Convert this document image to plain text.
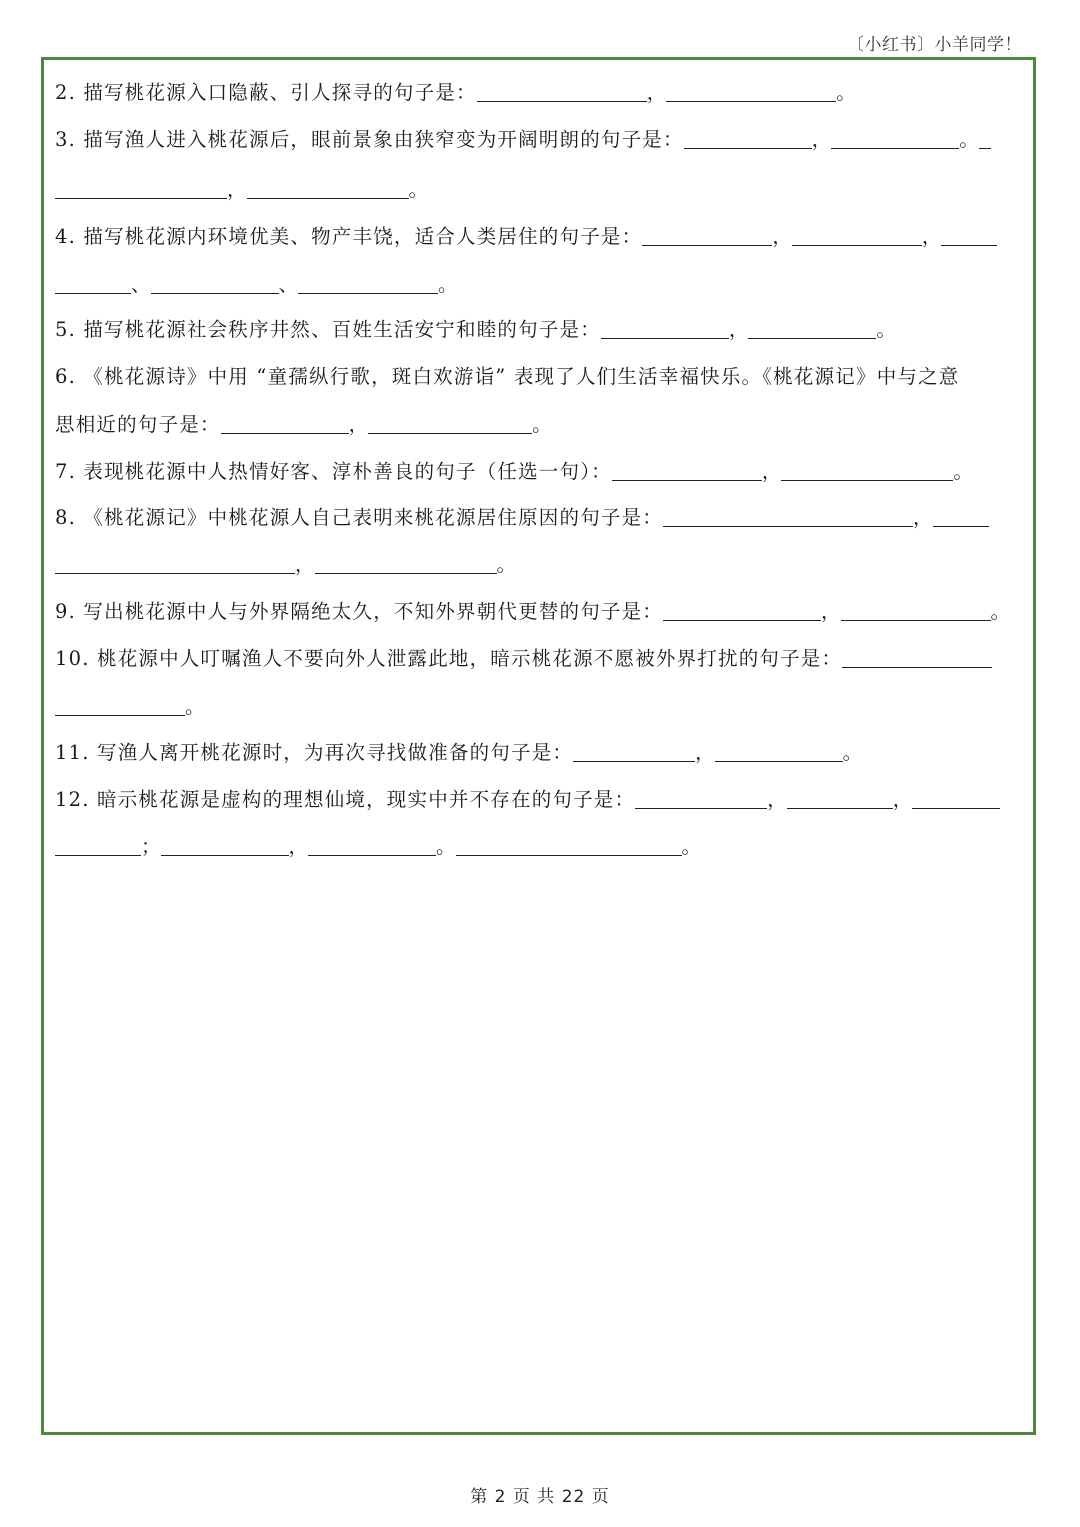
〔小红书〕小羊同学！
2. 描写桃花源入口隐蔽、引人探寻的句子是：	，	。
3. 描写渔人进入桃花源后，眼前景象由狭窄变为开阔明朗的句子是：	，	。
，	。
4. 描写桃花源内环境优美、物产丰饶，适合人类居住的句子是：	，	，
、	、	。
5. 描写桃花源社会秩序井然、百姓生活安宁和睦的句子是：	，	。
6. 《桃花源诗》中用 “童孺纵行歌，斑白欢游诣” 表现了人们生活幸福快乐。《桃花源记》中与之意
思相近的句子是：	，	。
7. 表现桃花源中人热情好客、淳朴善良的句子（任选一句）：	，	。
8. 《桃花源记》中桃花源人自己表明来桃花源居住原因的句子是：	，
，	。
9. 写出桃花源中人与外界隔绝太久，不知外界朝代更替的句子是：	，	。
10. 桃花源中人叮嘱渔人不要向外人泄露此地，暗示桃花源不愿被外界打扰的句子是：
。
11. 写渔人离开桃花源时，为再次寻找做准备的句子是：	，	。
12. 暗示桃花源是虚构的理想仙境，现实中并不存在的句子是：	，	，
；	，	。	。
第 2 页 共 22 页
